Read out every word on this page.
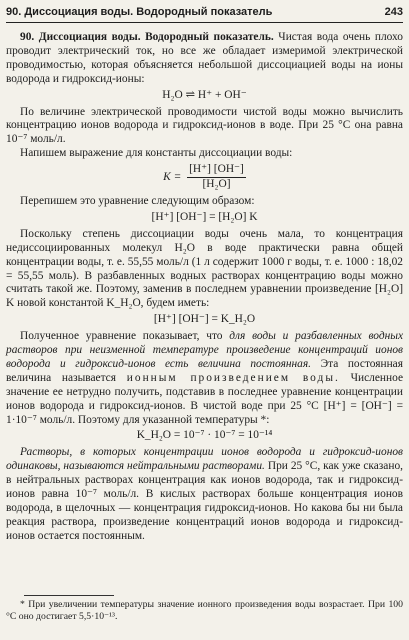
90. Диссоциация воды. Водородный показатель	243

90. Диссоциация воды. Водородный показатель. Чистая вода очень плохо проводит электрический ток, но все же обладает измеримой электрической проводимостью, которая объясняется небольшой диссоциацией воды на ионы водорода и гидроксид-ионы:

H₂O ⇌ H⁺ + OH⁻

По величине электрической проводимости чистой воды можно вычислить концентрацию ионов водорода и гидроксид-ионов в воде. При 25 °С она равна 10⁻⁷ моль/л.

Напишем выражение для константы диссоциации воды:

$K = \frac{[H^+] [OH^-]}{\text{[H₂O]}}$

Перепишем это уравнение следующим образом:

[H⁺] [OH⁻] = [H₂O] K

Поскольку степень диссоциации воды очень мала, то концентрация недиссоциированных молекул H₂O в воде практически равна общей концентрации воды, т. е. 55,55 моль/л (1 л содержит 1000 г воды, т. е. 1000 : 18,02 = 55,55 моль). В разбавленных водных растворах концентрацию воды можно считать такой же. Поэтому, заменив в последнем уравнении произведение [H₂O] K новой константой K_H₂O, будем иметь:

[H⁺] [OH⁻] = K_H₂O

Полученное уравнение показывает, что для воды и разбавленных водных растворов при неизменной температуре произведение концентраций ионов водорода и гидроксид-ионов есть величина постоянная. Эта постоянная величина называется ионным произведением воды. Численное значение ее нетрудно получить, подставив в последнее уравнение концентрации ионов водорода и гидроксид-ионов. В чистой воде при 25 °С [H⁺] = [OH⁻] = 1·10⁻⁷ моль/л. Поэтому для указанной температуры *:

K_H₂O = 10⁻⁷ · 10⁻⁷ = 10⁻¹⁴

Растворы, в которых концентрации ионов водорода и гидроксид-ионов одинаковы, называются нейтральными растворами. При 25 °С, как уже сказано, в нейтральных растворах концентрация как ионов водорода, так и гидроксид-ионов равна 10⁻⁷ моль/л. В кислых растворах больше концентрация ионов водорода, в щелочных — концентрация гидроксид-ионов. Но какова бы ни была реакция раствора, произведение концентраций ионов водорода и гидроксид-ионов остается постоянным.

* При увеличении температуры значение ионного произведения воды возрастает. При 100 °С оно достигает 5,5·10⁻¹³.
